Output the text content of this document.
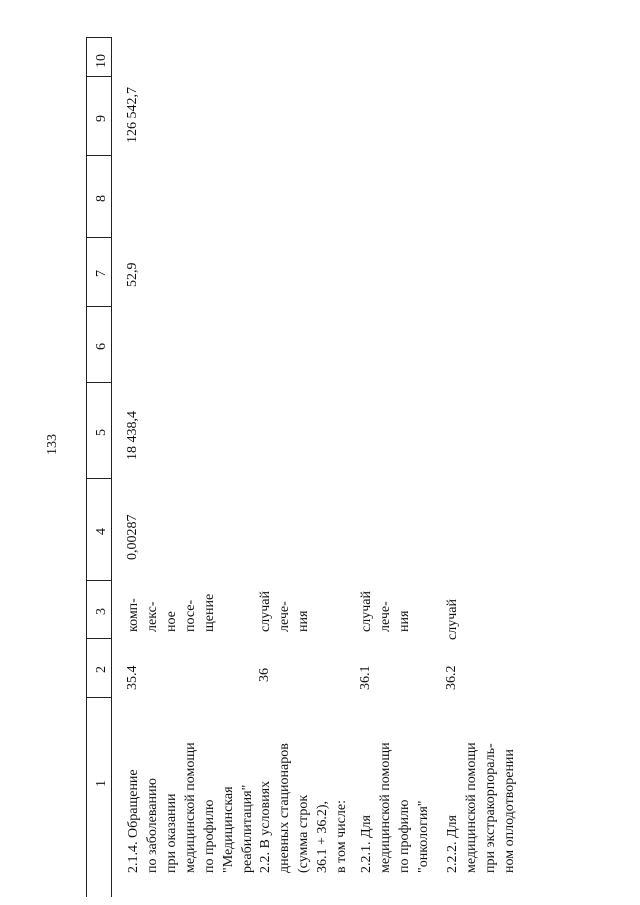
133
1
2
3
4
5
6
7
8
9
10
2.1.4. Обращение по заболеванию при оказании медицинской помощи по профилю "Медицинская реабилитация"
35.4
комп- лекс- ное посе- щение
0,00287
18 438,4
52,9
126 542,7
2.2. В условиях дневных стационаров (сумма строк 36.1 + 36.2), в том числе:
36
случай лече- ния
2.2.1. Для медицинской помощи по профилю "онкология"
36.1
случай лече- ния
2.2.2. Для медицинской помощи при экстракорпораль- ном оплодотворении
36.2
случай
